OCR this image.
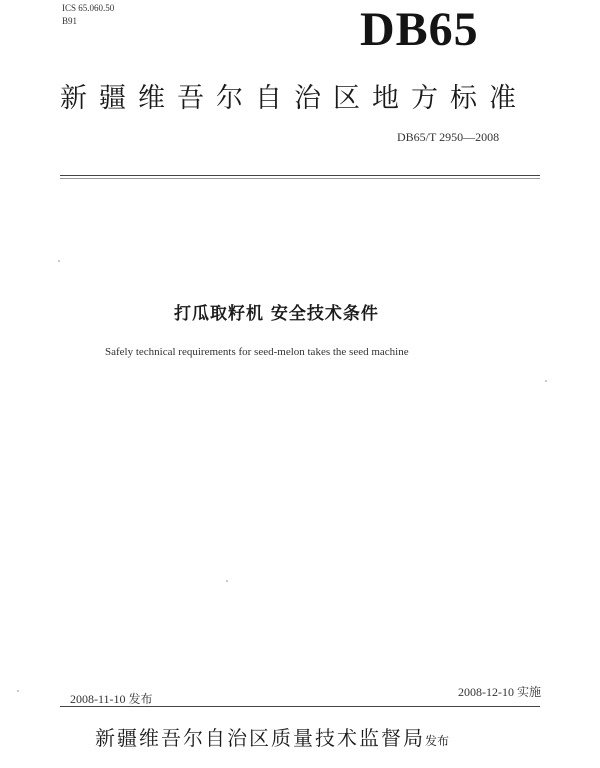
ICS 65.060.50
B91	DB65
新疆维吾尔自治区地方标准
DB65/T 2950—2008
打瓜取籽机 安全技术条件
Safely technical requirements for seed-melon takes the seed machine
2008-11-10 发布	2008-12-10 实施
新疆维吾尔自治区质量技术监督局发布
